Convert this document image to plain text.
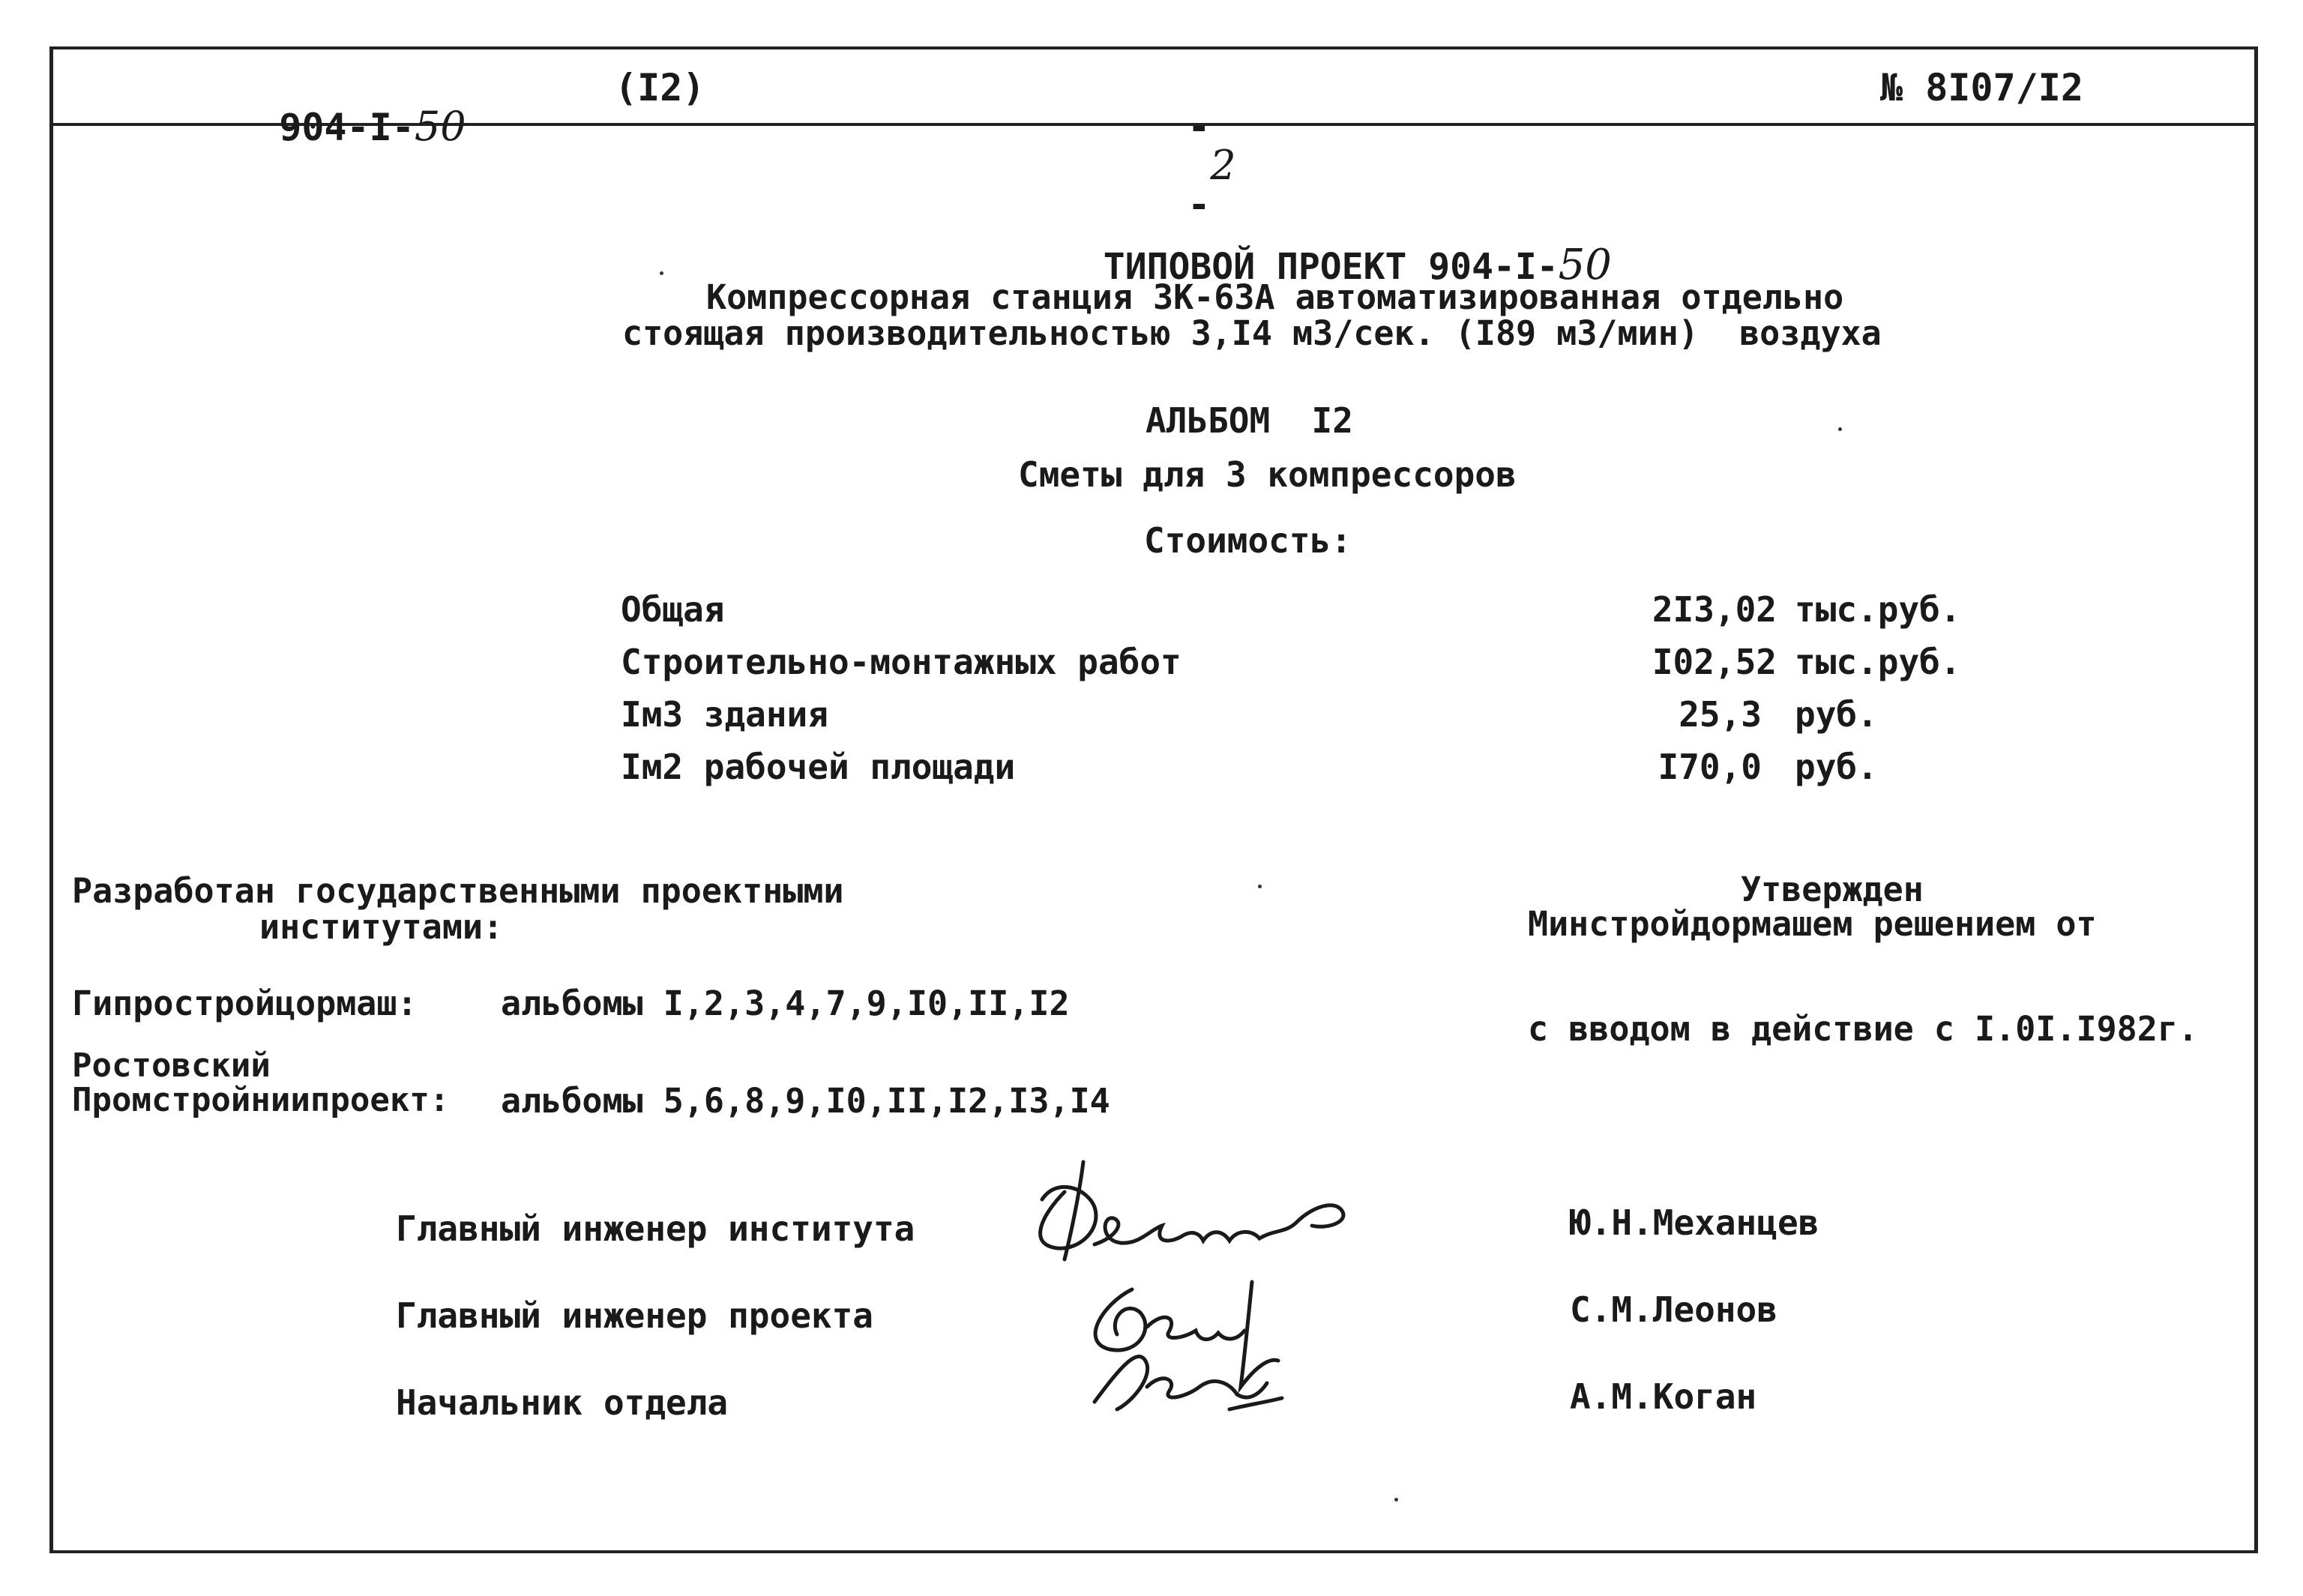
904-I-50

(I2)

-
2
-

№ 8I07/I2

ТИПОВОЙ ПРОЕКТ 904-I-50

Компрессорная станция 3К-63А автоматизированная отдельно
стоящая производительностью 3,I4 м3/сек. (I89 м3/мин)  воздуха
АЛЬБОМ  I2
Сметы для 3 компрессоров
Стоимость:
Общая	2I3,02 тыс.руб.
Строительно-монтажных работ	I02,52 тыс.руб.
Iм3 здания	25,3 руб.
Iм2 рабочей площади	I70,0 руб.
Разработан государственными проектными
институтами:
Гипростройцормаш: альбомы I,2,3,4,7,9,I0,II,I2
Ростовский
Промстройниипроект: альбомы 5,6,8,9,I0,II,I2,I3,I4
Утвержден
Минстройдормашем решением от
с вводом в действие с I.0I.I982г.
Главный инженер института	Ю.Н.Механцев
Главный инженер проекта	С.М.Леонов
Начальник отдела	А.М.Коган
